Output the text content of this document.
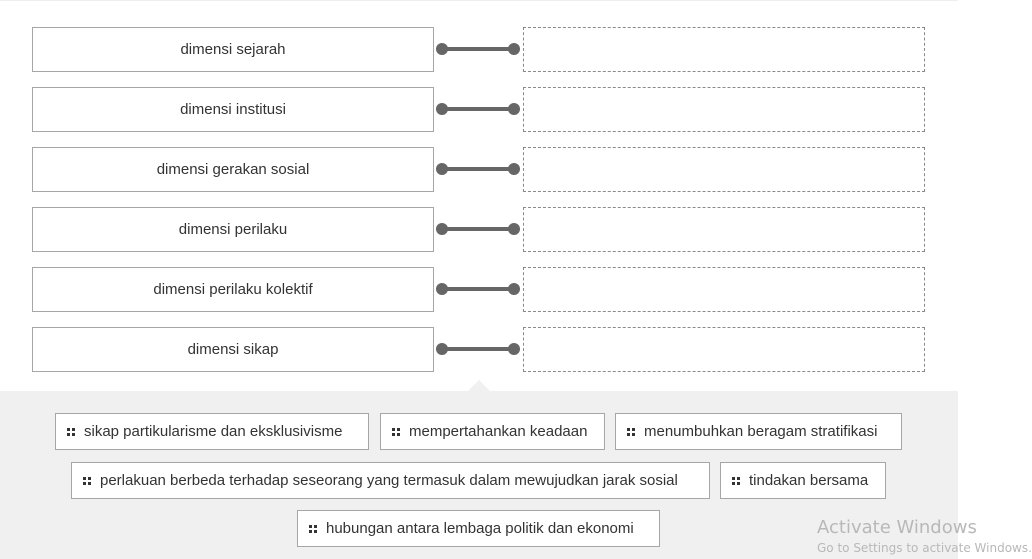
dimensi sejarah
dimensi institusi
dimensi gerakan sosial
dimensi perilaku
dimensi perilaku kolektif
dimensi sikap
sikap partikularisme dan eksklusivisme	mempertahankan keadaan	menumbuhkan beragam stratifikasi
perlakuan berbeda terhadap seseorang yang termasuk dalam mewujudkan jarak sosial	tindakan bersama
hubungan antara lembaga politik dan ekonomi	Activate Windows
Go to Settings to activate Windows.
